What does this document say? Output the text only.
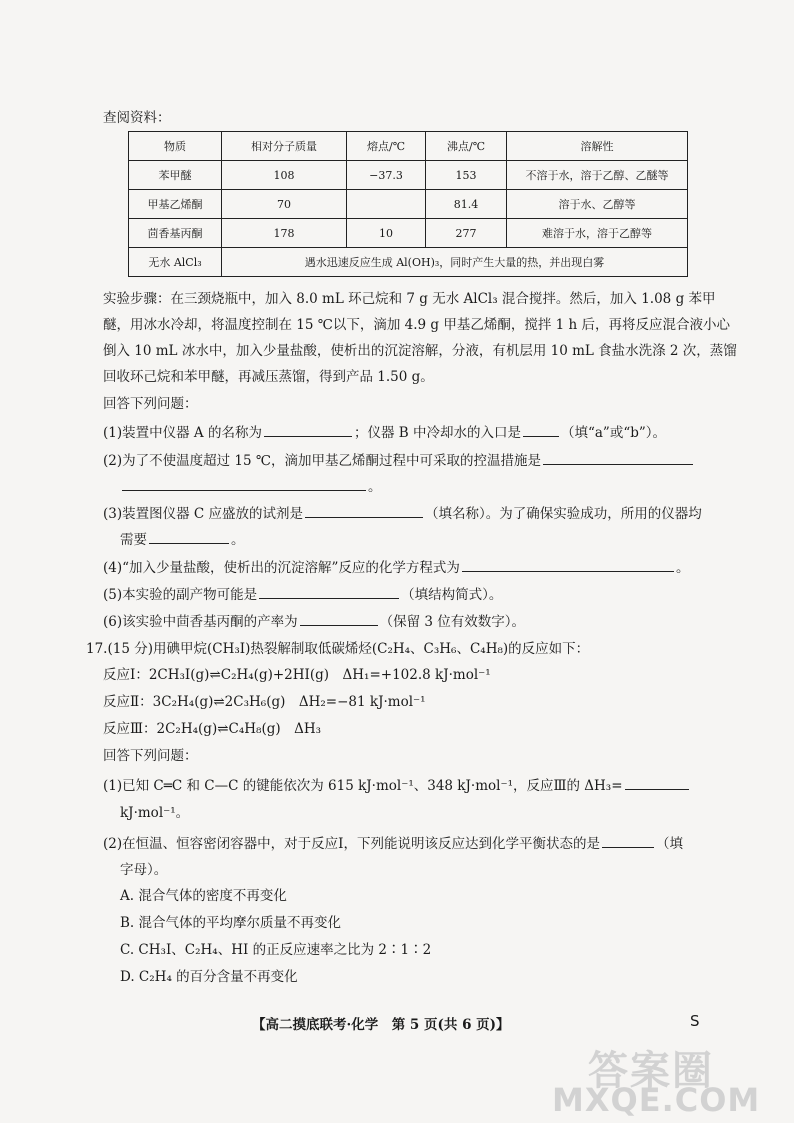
查阅资料：
物质	相对分子质量	熔点/℃	沸点/℃	溶解性
苯甲醚	108	−37.3	153	不溶于水，溶于乙醇、乙醚等
甲基乙烯酮	70		81.4	溶于水、乙醇等
茴香基丙酮	178	10	277	难溶于水，溶于乙醇等
无水 AlCl₃	遇水迅速反应生成 Al(OH)₃，同时产生大量的热，并出现白雾			
实验步骤：在三颈烧瓶中，加入 8.0 mL 环己烷和 7 g 无水 AlCl₃ 混合搅拌。然后，加入 1.08 g 苯甲
醚，用冰水冷却，将温度控制在 15 ℃以下，滴加 4.9 g 甲基乙烯酮，搅拌 1 h 后，再将反应混合液小心
倒入 10 mL 冰水中，加入少量盐酸，使析出的沉淀溶解，分液，有机层用 10 mL 食盐水洗涤 2 次，蒸馏
回收环己烷和苯甲醚，再减压蒸馏，得到产品 1.50 g。
回答下列问题：
(1)装置中仪器 A 的名称为	；仪器 B 中冷却水的入口是	（填“a”或“b”）。
(2)为了不使温度超过 15 ℃，滴加甲基乙烯酮过程中可采取的控温措施是
。
(3)装置图仪器 C 应盛放的试剂是	（填名称）。为了确保实验成功，所用的仪器均
需要	。
(4)“加入少量盐酸，使析出的沉淀溶解”反应的化学方程式为	。
(5)本实验的副产物可能是	（填结构简式）。
(6)该实验中茴香基丙酮的产率为	（保留 3 位有效数字）。
17.(15 分)用碘甲烷(CH₃I)热裂解制取低碳烯烃(C₂H₄、C₃H₆、C₄H₈)的反应如下：
反应Ⅰ：2CH₃I(g)⇌C₂H₄(g)+2HI(g)　ΔH₁=+102.8 kJ·mol⁻¹
反应Ⅱ：3C₂H₄(g)⇌2C₃H₆(g)　ΔH₂=−81 kJ·mol⁻¹
反应Ⅲ：2C₂H₄(g)⇌C₄H₈(g)　ΔH₃
回答下列问题：
(1)已知 C═C 和 C—C 的键能依次为 615 kJ·mol⁻¹、348 kJ·mol⁻¹，反应Ⅲ的 ΔH₃=
kJ·mol⁻¹。
(2)在恒温、恒容密闭容器中，对于反应Ⅰ，下列能说明该反应达到化学平衡状态的是	（填
字母）。
A. 混合气体的密度不再变化
B. 混合气体的平均摩尔质量不再变化
C. CH₃I、C₂H₄、HI 的正反应速率之比为 2∶1∶2
D. C₂H₄ 的百分含量不再变化
【高二摸底联考·化学　第 5 页(共 6 页)】	S
答案圈
MXQE.COM
